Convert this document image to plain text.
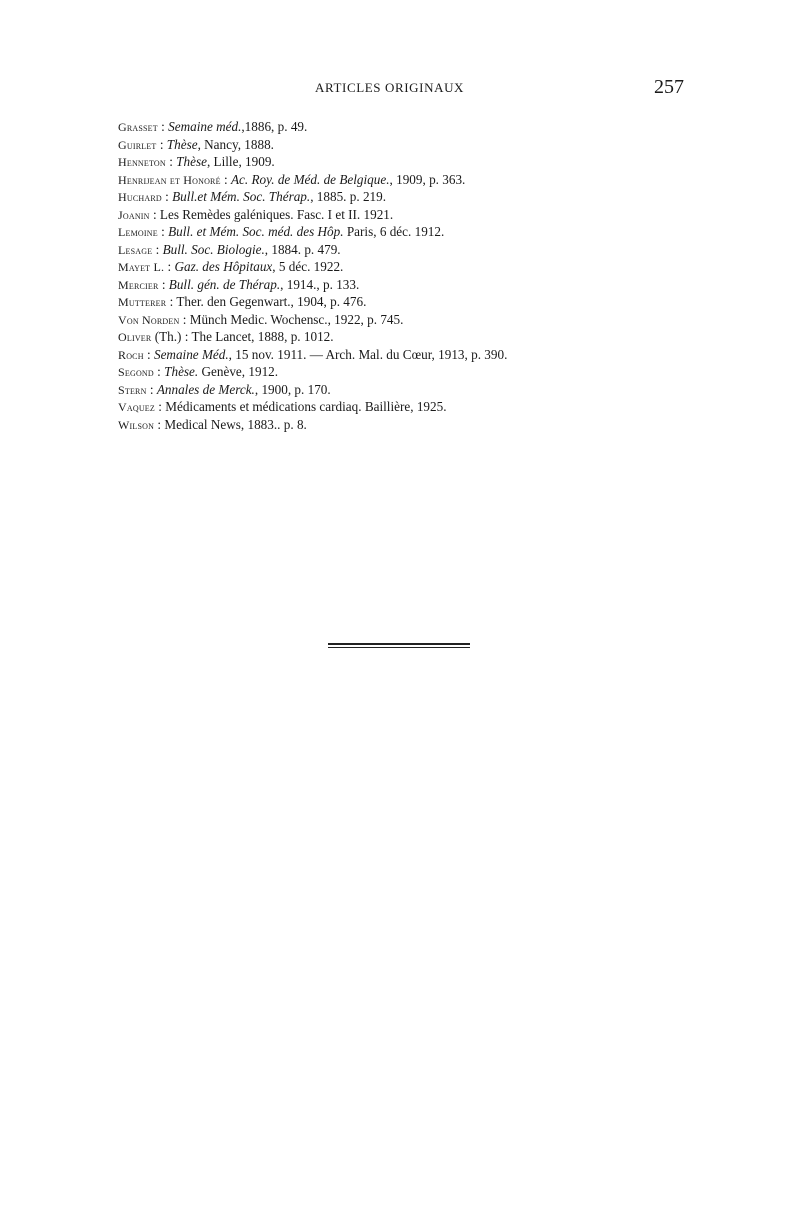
ARTICLES ORIGINAUX	257
Grasset : Semaine méd.,1886, p. 49.
Guirlet : Thèse, Nancy, 1888.
Henneton : Thèse, Lille, 1909.
Henrijean et Honoré : Ac. Roy. de Méd. de Belgique., 1909, p. 363.
Huchard : Bull.et Mém. Soc. Thérap., 1885. p. 219.
Joanin : Les Remèdes galéniques. Fasc. I et II. 1921.
Lemoine : Bull. et Mém. Soc. méd. des Hôp. Paris, 6 déc. 1912.
Lesage : Bull. Soc. Biologie., 1884. p. 479.
Mayet L. : Gaz. des Hôpitaux, 5 déc. 1922.
Mercier : Bull. gén. de Thérap., 1914., p. 133.
Mutterer : Ther. den Gegenwart., 1904, p. 476.
Von Norden : Münch Medic. Wochensc., 1922, p. 745.
Oliver (Th.) : The Lancet, 1888, p. 1012.
Roch : Semaine Méd., 15 nov. 1911. — Arch. Mal. du Cœur, 1913, p. 390.
Segond : Thèse. Genève, 1912.
Stern : Annales de Merck., 1900, p. 170.
Vaquez : Médicaments et médications cardiaq. Baillière, 1925.
Wilson : Medical News, 1883.. p. 8.
